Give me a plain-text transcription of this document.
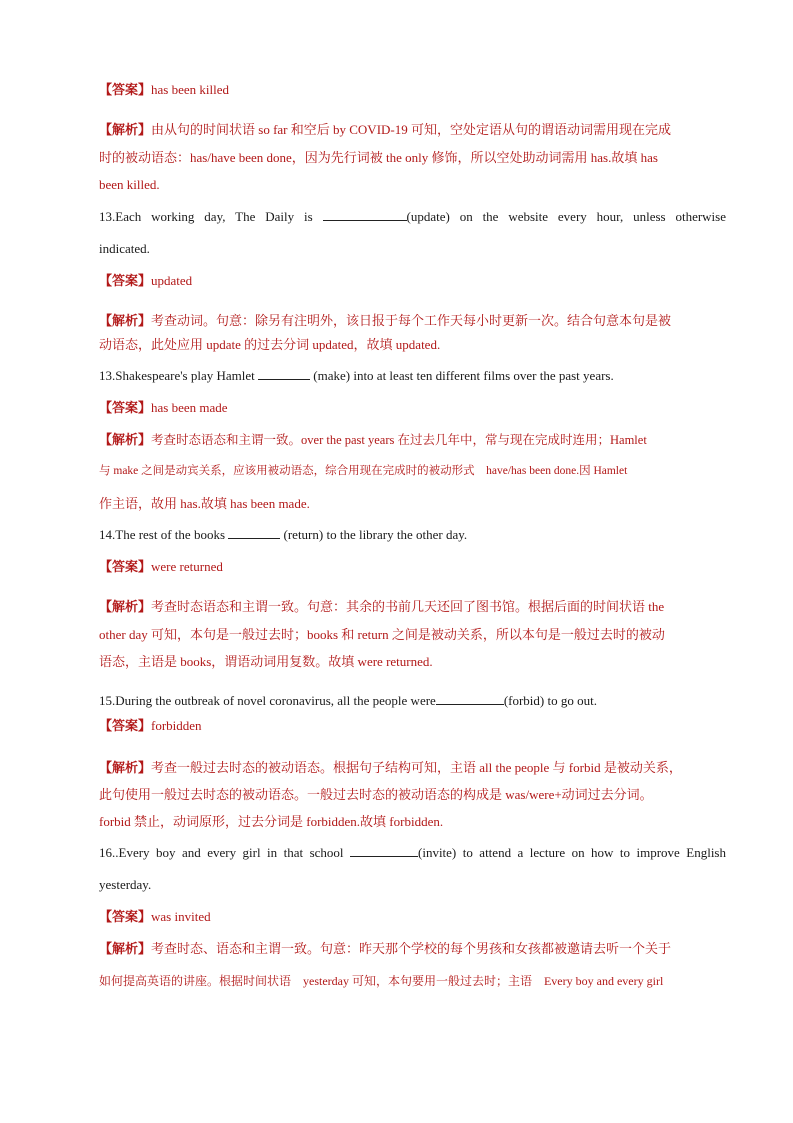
【答案】has been killed
【解析】由从句的时间状语 so far 和空后 by COVID-19 可知，空处定语从句的谓语动词需用现在完成
时的被动语态：has/have been done，因为先行词被 the only 修饰，所以空处助动词需用 has.故填 has
been killed.
13.Each working day, The Daily is	(update) on the website every hour, unless otherwise
indicated.
【答案】updated
【解析】考查动词。句意：除另有注明外，该日报于每个工作天每小时更新一次。结合句意本句是被
动语态，此处应用 update 的过去分词 updated，故填 updated.
13.Shakespeare's play Hamlet	(make) into at least ten different films over the past years.
【答案】has been made
【解析】考查时态语态和主谓一致。over the past years 在过去几年中，常与现在完成时连用；Hamlet
与 make 之间是动宾关系，应该用被动语态，综合用现在完成时的被动形式　have/has been done.因 Hamlet
作主语，故用 has.故填 has been made.
14.The rest of the books	(return) to the library the other day.
【答案】were returned
【解析】考查时态语态和主谓一致。句意：其余的书前几天还回了图书馆。根据后面的时间状语 the
other day 可知，本句是一般过去时；books 和 return 之间是被动关系，所以本句是一般过去时的被动
语态，主语是 books，谓语动词用复数。故填 were returned.
15.During the outbreak of novel coronavirus, all the people were	(forbid) to go out.
【答案】forbidden
【解析】考查一般过去时态的被动语态。根据句子结构可知，主语 all the people 与 forbid 是被动关系，
此句使用一般过去时态的被动语态。一般过去时态的被动语态的构成是 was/were+动词过去分词。
forbid 禁止，动词原形，过去分词是 forbidden.故填 forbidden.
16..Every boy and every girl in that school	(invite) to attend a lecture on how to improve English
yesterday.
【答案】was invited
【解析】考查时态、语态和主谓一致。句意：昨天那个学校的每个男孩和女孩都被邀请去听一个关于
如何提高英语的讲座。根据时间状语　yesterday 可知，本句要用一般过去时；主语　Every boy and every girl
